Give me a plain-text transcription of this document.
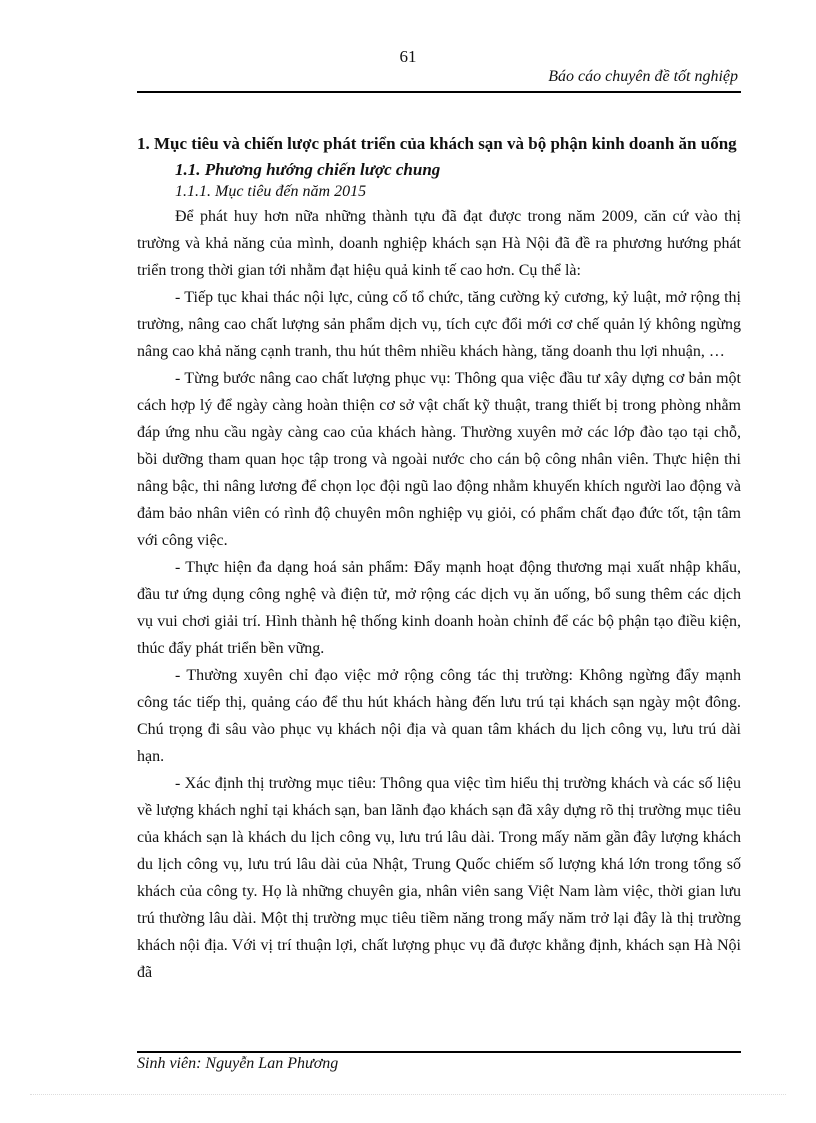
61
Báo cáo chuyên đề tốt nghiệp

1. Mục tiêu và chiến lược phát triển của khách sạn và bộ phận kinh doanh ăn uống

1.1. Phương hướng chiến lược chung

1.1.1. Mục tiêu đến năm 2015

Để phát huy hơn nữa những thành tựu đã đạt được trong năm 2009, căn cứ vào thị trường và khả năng của mình, doanh nghiệp khách sạn Hà Nội đã đề ra phương hướng phát triển trong thời gian tới nhằm đạt hiệu quả kinh tế cao hơn. Cụ thể là:

- Tiếp tục khai thác nội lực, củng cố tổ chức, tăng cường kỷ cương, kỷ luật, mở rộng thị trường, nâng cao chất lượng sản phẩm dịch vụ, tích cực đổi mới cơ chế quản lý không ngừng nâng cao khả năng cạnh tranh, thu hút thêm nhiều khách hàng, tăng doanh thu lợi nhuận, …

- Từng bước nâng cao chất lượng phục vụ: Thông qua việc đầu tư xây dựng cơ bản một cách hợp lý để ngày càng hoàn thiện cơ sở vật chất kỹ thuật, trang thiết bị trong phòng nhằm đáp ứng nhu cầu ngày càng cao của khách hàng. Thường xuyên mở các lớp đào tạo tại chỗ, bồi dưỡng tham quan học tập trong và ngoài nước cho cán bộ công nhân viên. Thực hiện thi nâng bậc, thi nâng lương để chọn lọc đội ngũ lao động nhằm khuyến khích người lao động và đảm bảo nhân viên có rình độ chuyên môn nghiệp vụ giỏi, có phẩm chất đạo đức tốt, tận tâm với công việc.

- Thực hiện đa dạng hoá sản phẩm: Đẩy mạnh hoạt động thương mại xuất nhập khẩu, đầu tư ứng dụng công nghệ và điện tử, mở rộng các dịch vụ ăn uống, bổ sung thêm các dịch vụ vui chơi giải trí. Hình thành hệ thống kinh doanh hoàn chỉnh để các bộ phận tạo điều kiện, thúc đẩy phát triển bền vững.

- Thường xuyên chỉ đạo việc mở rộng công tác thị trường: Không ngừng đẩy mạnh công tác tiếp thị, quảng cáo để thu hút khách hàng đến lưu trú tại khách sạn ngày một đông. Chú trọng đi sâu vào phục vụ khách nội địa và quan tâm khách du lịch công vụ, lưu trú dài hạn.

- Xác định thị trường mục tiêu: Thông qua việc tìm hiểu thị trường khách và các số liệu về lượng khách nghỉ tại khách sạn, ban lãnh đạo khách sạn đã xây dựng rõ thị trường mục tiêu của khách sạn là khách du lịch công vụ, lưu trú lâu dài. Trong mấy năm gần đây lượng khách du lịch công vụ, lưu trú lâu dài của Nhật, Trung Quốc chiếm số lượng khá lớn trong tổng số khách của công ty. Họ là những chuyên gia, nhân viên sang Việt Nam làm việc, thời gian lưu trú thường lâu dài. Một thị trường mục tiêu tiềm năng trong mấy năm trở lại đây là thị trường khách nội địa. Với vị trí thuận lợi, chất lượng phục vụ đã được khẳng định, khách sạn Hà Nội đã

Sinh viên: Nguyễn Lan Phương
